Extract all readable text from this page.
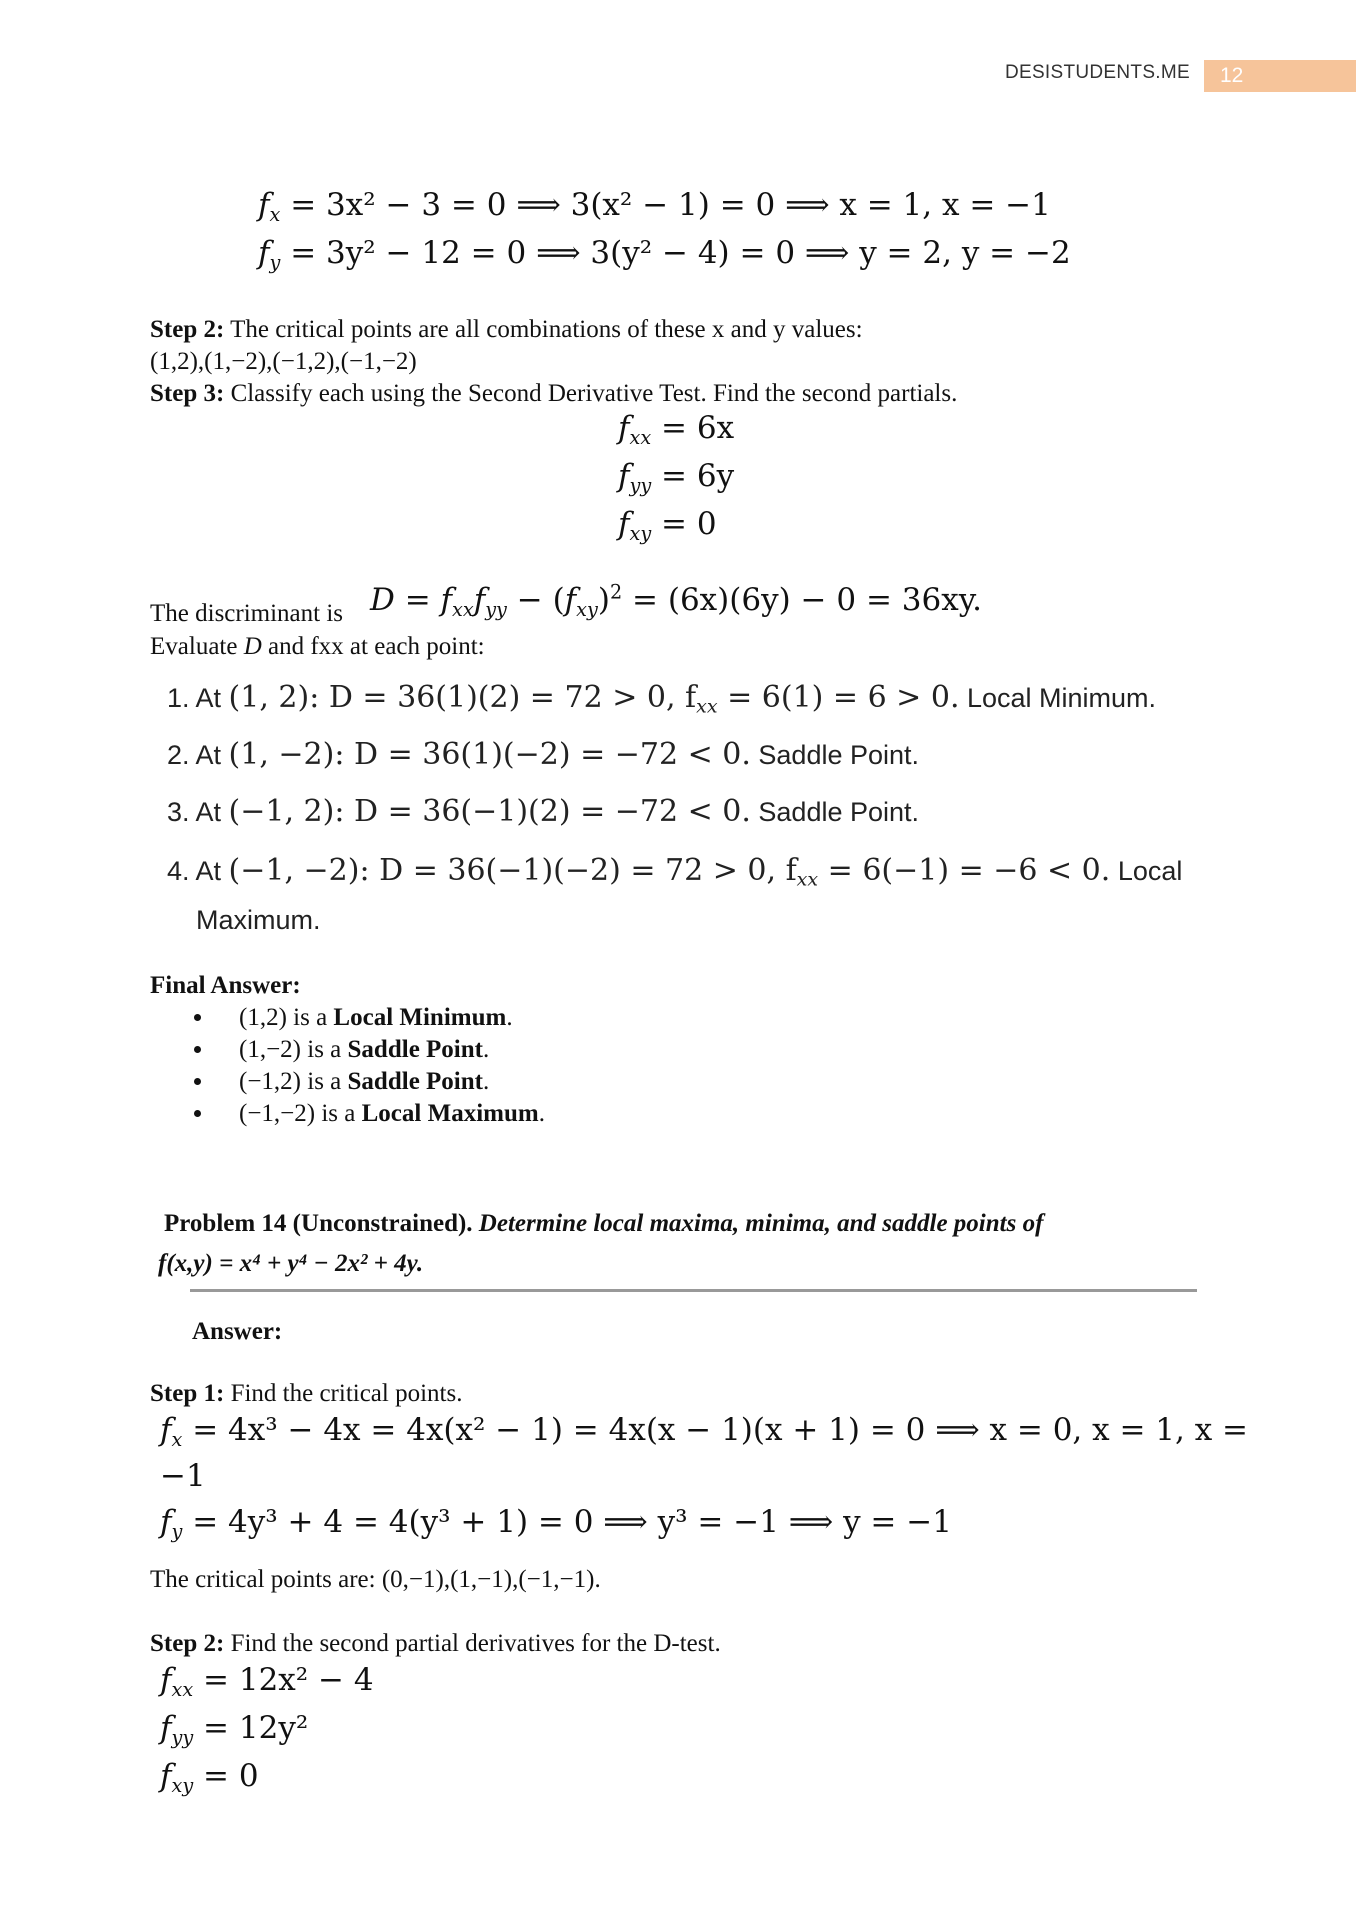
DESISTUDENTS.ME 12
$f_x = 3x^2 - 3 = 0$ ⟹ 3(x² − 1) = 0 ⟹ x = 1, x = −1
$f_y = 3y^2 - 12 = 0$ ⟹ 3(y² − 4) = 0 ⟹ y = 2, y = −2
Step 2: The critical points are all combinations of these x and y values:
(1,2),(1,−2),(−1,2),(−1,−2)
Step 3: Classify each using the Second Derivative Test. Find the second partials.
$f_{xx} = 6x$
$f_{yy} = 6y$
$f_{xy} = 0$
The discriminant is $D = f_{xx}f_{yy} - (f_{xy})^2 = (6x)(6y) - 0 = 36xy$.
Evaluate D and fxx at each point:
1. At (1, 2): D = 36(1)(2) = 72 > 0, $f_{xx} = 6(1) = 6 > 0$. Local Minimum.
2. At (1, −2): D = 36(1)(−2) = −72 < 0. Saddle Point.
3. At (−1, 2): D = 36(−1)(2) = −72 < 0. Saddle Point.
4. At (−1, −2): D = 36(−1)(−2) = 72 > 0, $f_{xx} = 6(-1) = -6 < 0$. Local
Maximum.
Final Answer:
(1,2) is a Local Minimum.
(1,−2) is a Saddle Point.
(−1,2) is a Saddle Point.
(−1,−2) is a Local Maximum.
Problem 14 (Unconstrained). Determine local maxima, minima, and saddle points of
f(x,y) = x⁴ + y⁴ − 2x² + 4y.
Answer:
Step 1: Find the critical points.
$f_x = 4x^3 - 4x = 4x(x^2 - 1) = 4x(x - 1)(x + 1) = 0$ ⟹ x = 0, x = 1, x =
−1
$f_y = 4y^3 + 4 = 4(y^3 + 1) = 0$ ⟹ y³ = −1 ⟹ y = −1
The critical points are: (0,−1),(1,−1),(−1,−1).
Step 2: Find the second partial derivatives for the D-test.
$f_{xx} = 12x^2 - 4$
$f_{yy} = 12y^2$
$f_{xy} = 0$
